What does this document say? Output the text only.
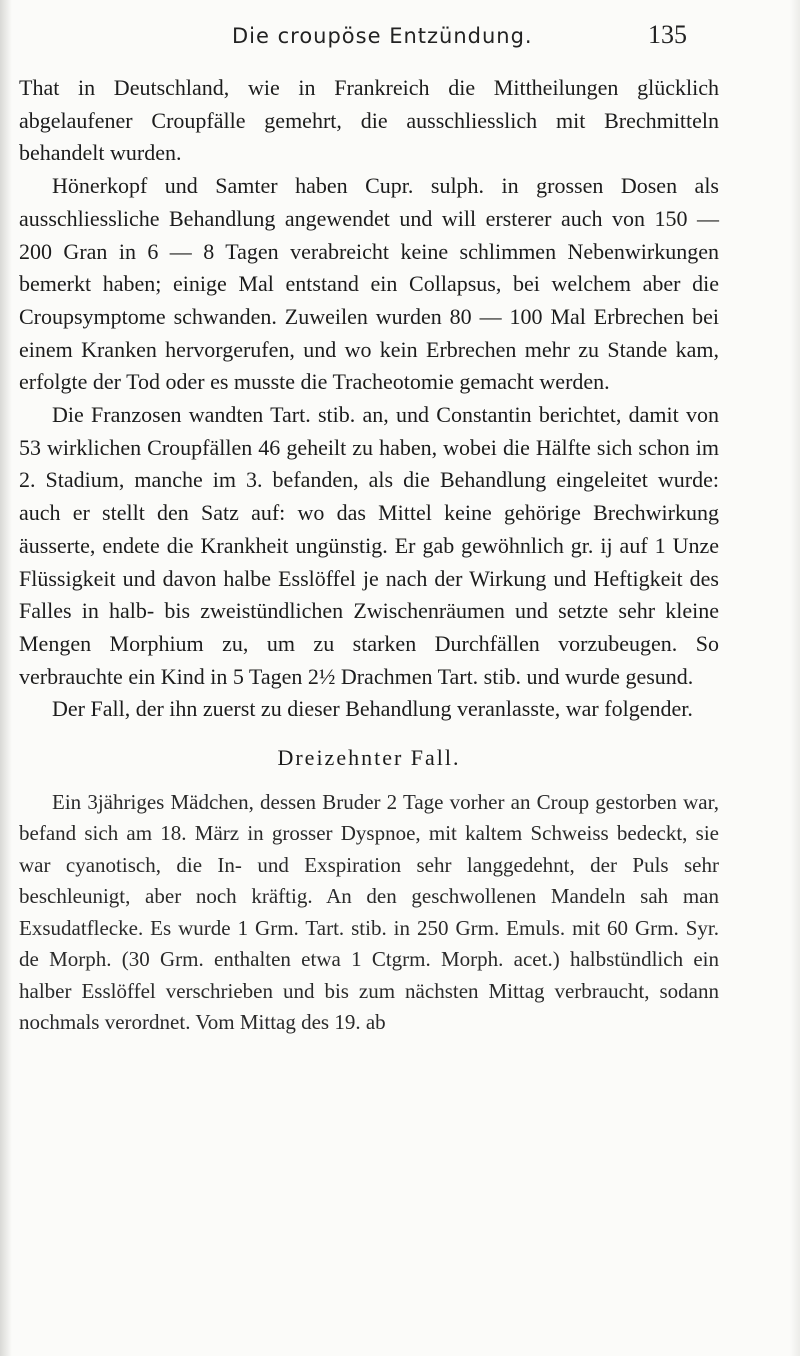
Die croupöse Entzündung.	135

That in Deutschland, wie in Frankreich die Mittheilungen glücklich abgelaufener Croupfälle gemehrt, die ausschliesslich mit Brechmitteln behandelt wurden.

Hönerkopf und Samter haben Cupr. sulph. in grossen Dosen als ausschliessliche Behandlung angewendet und will ersterer auch von 150 — 200 Gran in 6 — 8 Tagen verabreicht keine schlimmen Nebenwirkungen bemerkt haben; einige Mal entstand ein Collapsus, bei welchem aber die Croupsymptome schwanden. Zuweilen wurden 80 — 100 Mal Erbrechen bei einem Kranken hervorgerufen, und wo kein Erbrechen mehr zu Stande kam, erfolgte der Tod oder es musste die Tracheotomie gemacht werden.

Die Franzosen wandten Tart. stib. an, und Constantin berichtet, damit von 53 wirklichen Croupfällen 46 geheilt zu haben, wobei die Hälfte sich schon im 2. Stadium, manche im 3. befanden, als die Behandlung eingeleitet wurde: auch er stellt den Satz auf: wo das Mittel keine gehörige Brechwirkung äusserte, endete die Krankheit ungünstig. Er gab gewöhnlich gr. ij auf 1 Unze Flüssigkeit und davon halbe Esslöffel je nach der Wirkung und Heftigkeit des Falles in halb- bis zweistündlichen Zwischenräumen und setzte sehr kleine Mengen Morphium zu, um zu starken Durchfällen vorzubeugen. So verbrauchte ein Kind in 5 Tagen 2½ Drachmen Tart. stib. und wurde gesund.

Der Fall, der ihn zuerst zu dieser Behandlung veranlasste, war folgender.

Dreizehnter Fall.

Ein 3jähriges Mädchen, dessen Bruder 2 Tage vorher an Croup gestorben war, befand sich am 18. März in grosser Dyspnoe, mit kaltem Schweiss bedeckt, sie war cyanotisch, die In- und Exspiration sehr langgedehnt, der Puls sehr beschleunigt, aber noch kräftig. An den geschwollenen Mandeln sah man Exsudatflecke. Es wurde 1 Grm. Tart. stib. in 250 Grm. Emuls. mit 60 Grm. Syr. de Morph. (30 Grm. enthalten etwa 1 Ctgrm. Morph. acet.) halbstündlich ein halber Esslöffel verschrieben und bis zum nächsten Mittag verbraucht, sodann nochmals verordnet. Vom Mittag des 19. ab
